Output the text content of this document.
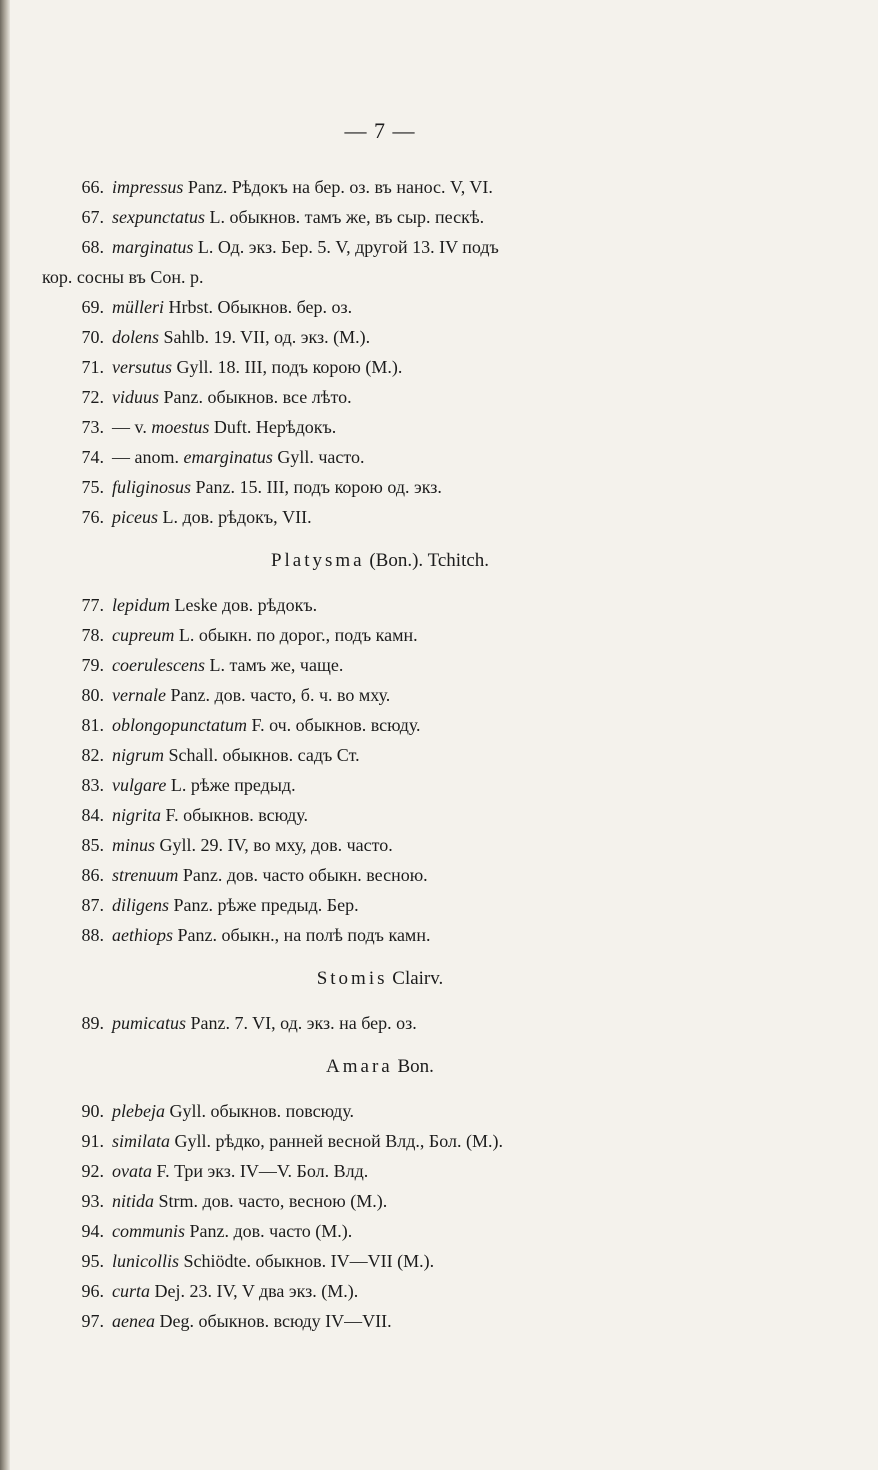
— 7 —
66. impressus Panz. Рѣдокъ на бер. оз. въ нанос. V, VI.
67. sexpunctatus L. обыкнов. тамъ же, въ сыр. пескѣ.
68. marginatus L. Од. экз. Бер. 5. V, другой 13. IV подъ
кор. сосны въ Сон. р.
69. mülleri Hrbst. Обыкнов. бер. оз.
70. dolens Sahlb. 19. VII, од. экз. (М.).
71. versutus Gyll. 18. III, подъ корою (М.).
72. viduus Panz. обыкнов. все лѣто.
73. — v. moestus Duft. Нерѣдокъ.
74. — anom. emarginatus Gyll. часто.
75. fuliginosus Panz. 15. III, подъ корою од. экз.
76. piceus L. дов. рѣдокъ, VII.
Platysma (Bon.). Tchitch.
77. lepidum Leske дов. рѣдокъ.
78. cupreum L. обыкн. по дорог., подъ камн.
79. coerulescens L. тамъ же, чаще.
80. vernale Panz. дов. часто, б. ч. во мху.
81. oblongopunctatum F. оч. обыкнов. всюду.
82. nigrum Schall. обыкнов. садъ Ст.
83. vulgare L. рѣже предыд.
84. nigrita F. обыкнов. всюду.
85. minus Gyll. 29. IV, во мху, дов. часто.
86. strenuum Panz. дов. часто обыкн. весною.
87. diligens Panz. рѣже предыд. Бер.
88. aethiops Panz. обыкн., на полѣ подъ камн.
Stomis Clairv.
89. pumicatus Panz. 7. VI, од. экз. на бер. оз.
Amara Bon.
90. plebeja Gyll. обыкнов. повсюду.
91. similata Gyll. рѣдко, ранней весной Влд., Бол. (М.).
92. ovata F. Три экз. IV—V. Бол. Влд.
93. nitida Strm. дов. часто, весною (М.).
94. communis Panz. дов. часто (М.).
95. lunicollis Schiödte. обыкнов. IV—VII (М.).
96. curta Dej. 23. IV, V два экз. (М.).
97. aenea Deg. обыкнов. всюду IV—VII.
